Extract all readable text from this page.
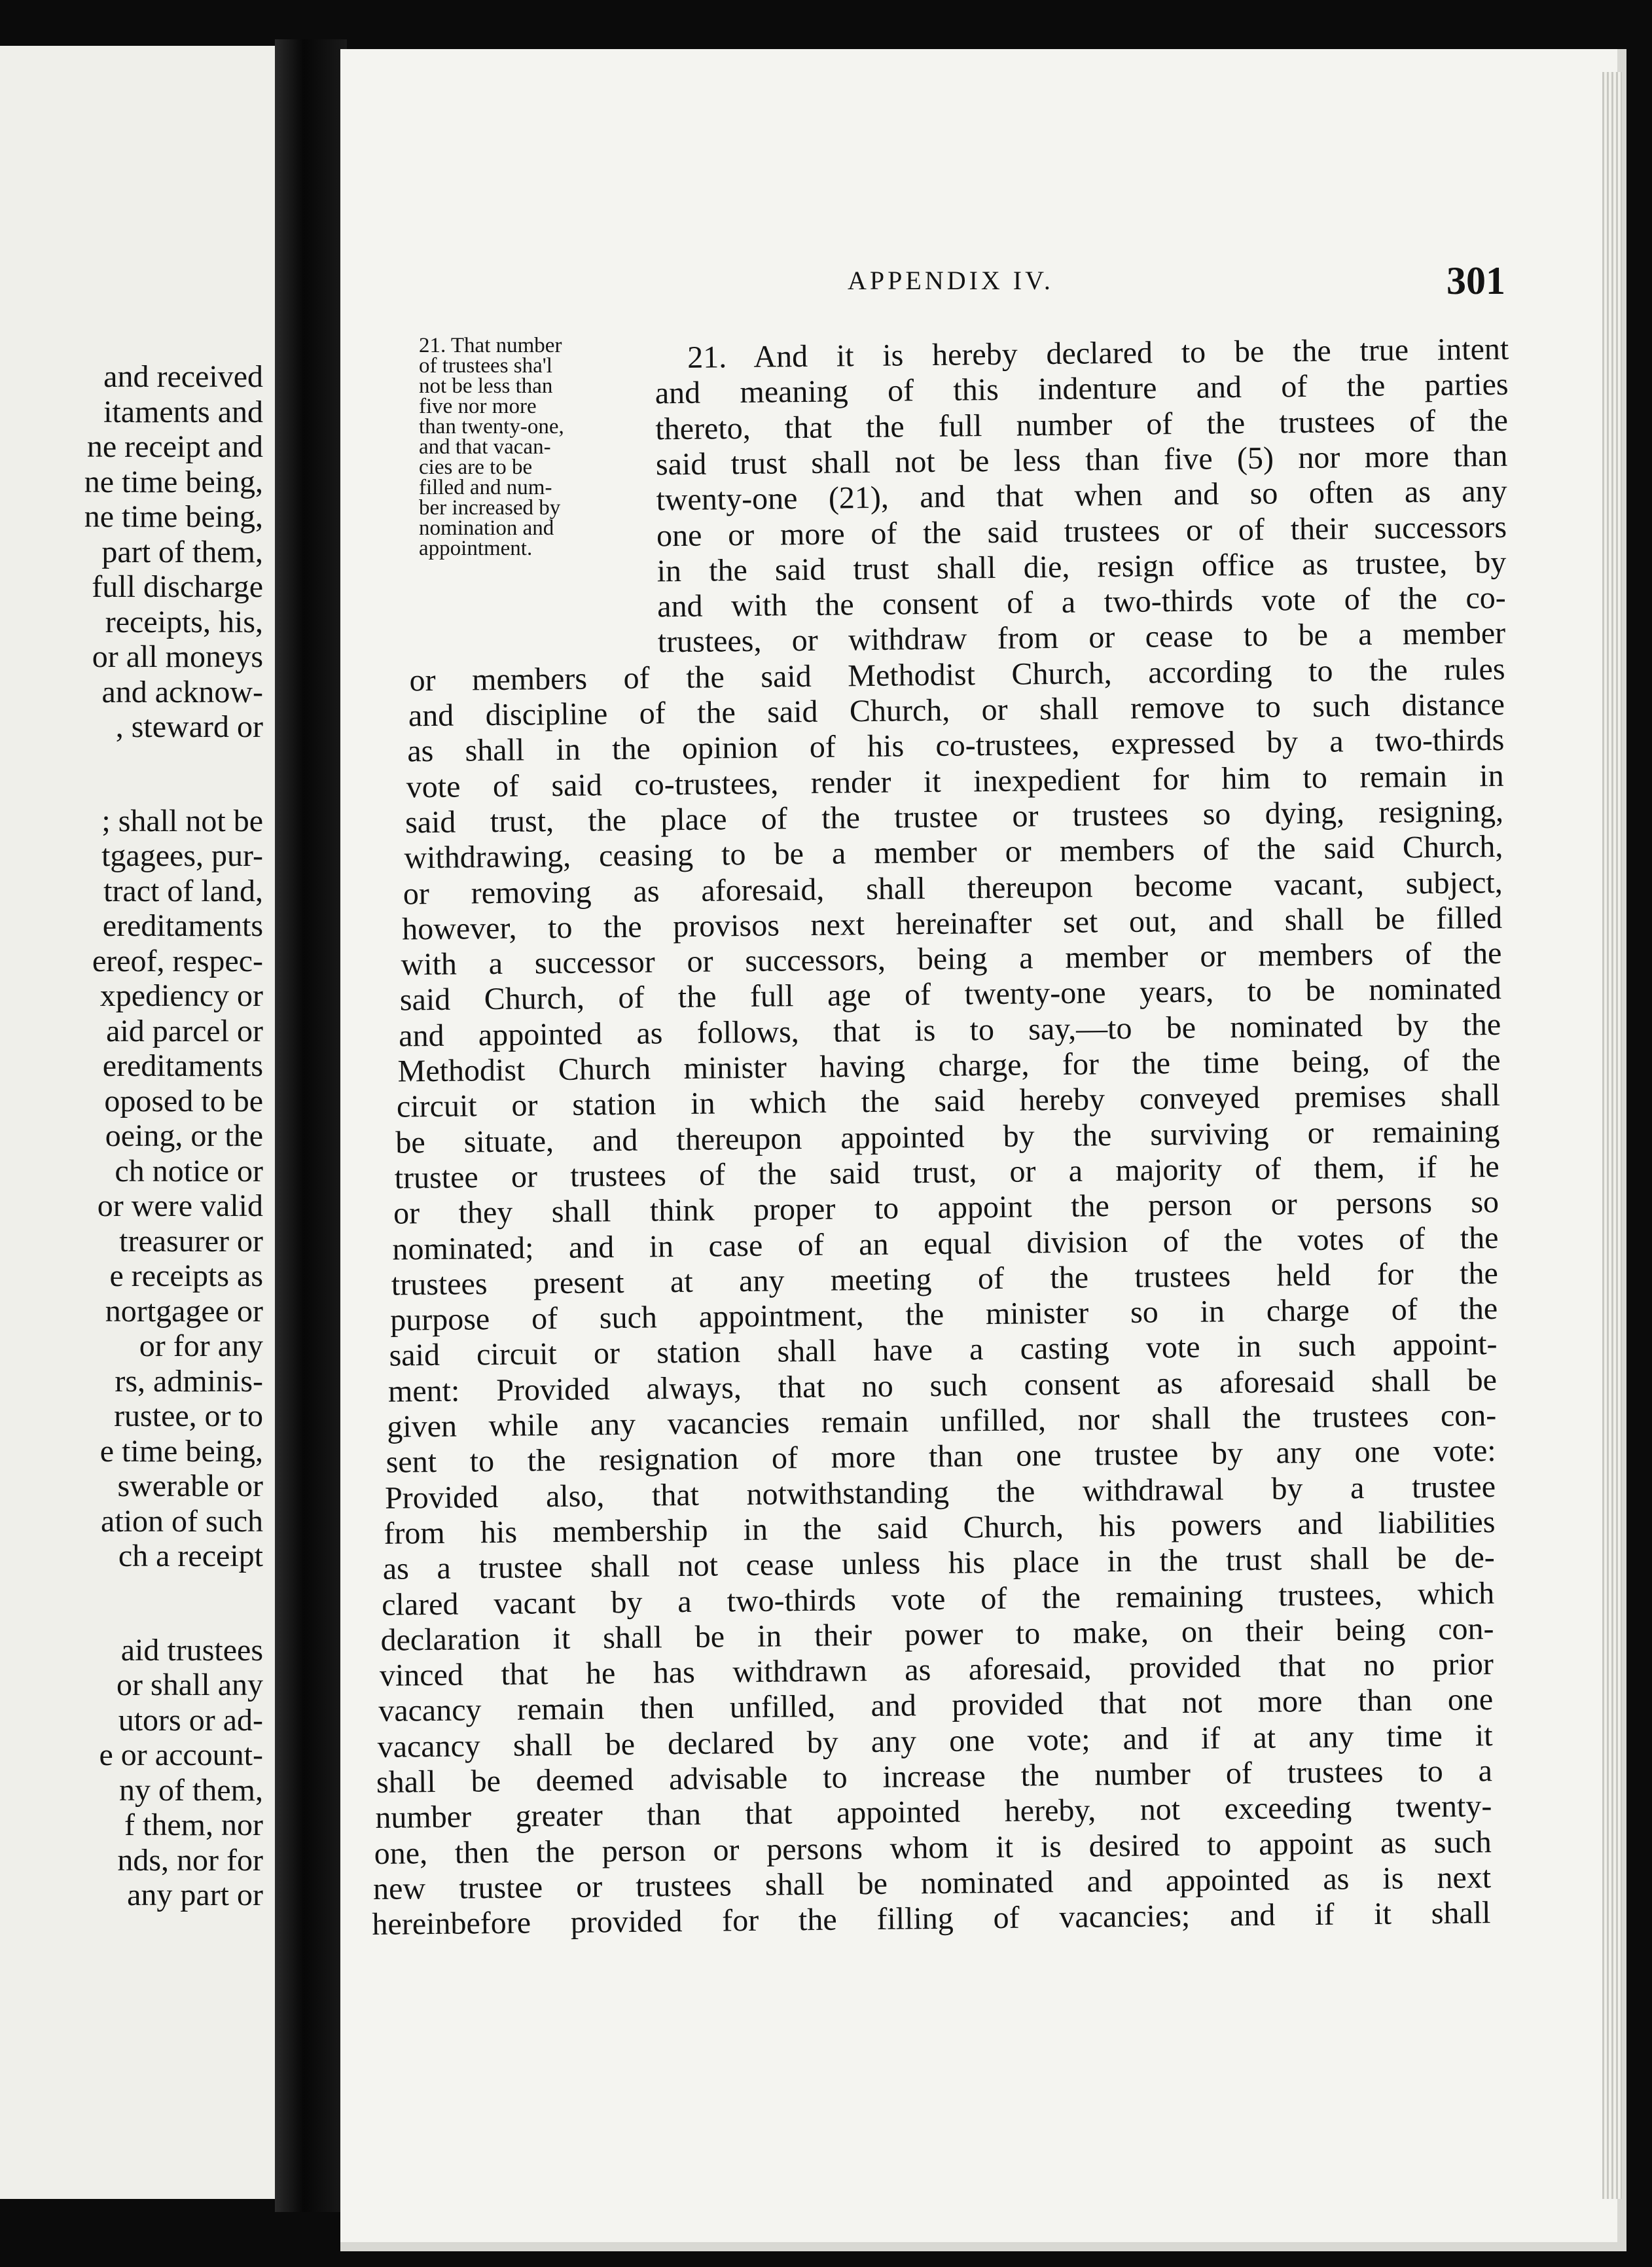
and received
itaments and
ne receipt and
ne time being,
ne time being,
part of them,
full discharge
receipts, his,
or all moneys
and acknow-
, steward or
; shall not be
tgagees, pur-
tract of land,
ereditaments
ereof, respec-
xpediency or
aid parcel or
ereditaments
oposed to be
oeing, or the
ch notice or
or were valid
treasurer or
e receipts as
nortgagee or
or for any
rs, adminis-
rustee, or to
e time being,
swerable or
ation of such
ch a receipt
aid trustees
or shall any
utors or ad-
e or account-
ny of them,
f them, nor
nds, nor for
any part or
APPENDIX IV.	301
21. That number
of trustees sha'l
not be less than
five nor more
than twenty-one,
and that vacan-
cies are to be
filled and num-
ber increased by
nomination and
appointment.
21. And it is hereby declared to be the true intent
and meaning of this indenture and of the parties
thereto, that the full number of the trustees of the
said trust shall not be less than five (5) nor more than
twenty-one (21), and that when and so often as any
one or more of the said trustees or of their successors
in the said trust shall die, resign office as trustee, by
and with the consent of a two-thirds vote of the co-
trustees, or withdraw from or cease to be a member
or members of the said Methodist Church, according to the rules
and discipline of the said Church, or shall remove to such distance
as shall in the opinion of his co-trustees, expressed by a two-thirds
vote of said co-trustees, render it inexpedient for him to remain in
said trust, the place of the trustee or trustees so dying, resigning,
withdrawing, ceasing to be a member or members of the said Church,
or removing as aforesaid, shall thereupon become vacant, subject,
however, to the provisos next hereinafter set out, and shall be filled
with a successor or successors, being a member or members of the
said Church, of the full age of twenty-one years, to be nominated
and appointed as follows, that is to say,—to be nominated by the
Methodist Church minister having charge, for the time being, of the
circuit or station in which the said hereby conveyed premises shall
be situate, and thereupon appointed by the surviving or remaining
trustee or trustees of the said trust, or a majority of them, if he
or they shall think proper to appoint the person or persons so
nominated; and in case of an equal division of the votes of the
trustees present at any meeting of the trustees held for the
purpose of such appointment, the minister so in charge of the
said circuit or station shall have a casting vote in such appoint-
ment: Provided always, that no such consent as aforesaid shall be
given while any vacancies remain unfilled, nor shall the trustees con-
sent to the resignation of more than one trustee by any one vote:
Provided also, that notwithstanding the withdrawal by a trustee
from his membership in the said Church, his powers and liabilities
as a trustee shall not cease unless his place in the trust shall be de-
clared vacant by a two-thirds vote of the remaining trustees, which
declaration it shall be in their power to make, on their being con-
vinced that he has withdrawn as aforesaid, provided that no prior
vacancy remain then unfilled, and provided that not more than one
vacancy shall be declared by any one vote; and if at any time it
shall be deemed advisable to increase the number of trustees to a
number greater than that appointed hereby, not exceeding twenty-
one, then the person or persons whom it is desired to appoint as such
new trustee or trustees shall be nominated and appointed as is next
hereinbefore provided for the filling of vacancies; and if it shall
